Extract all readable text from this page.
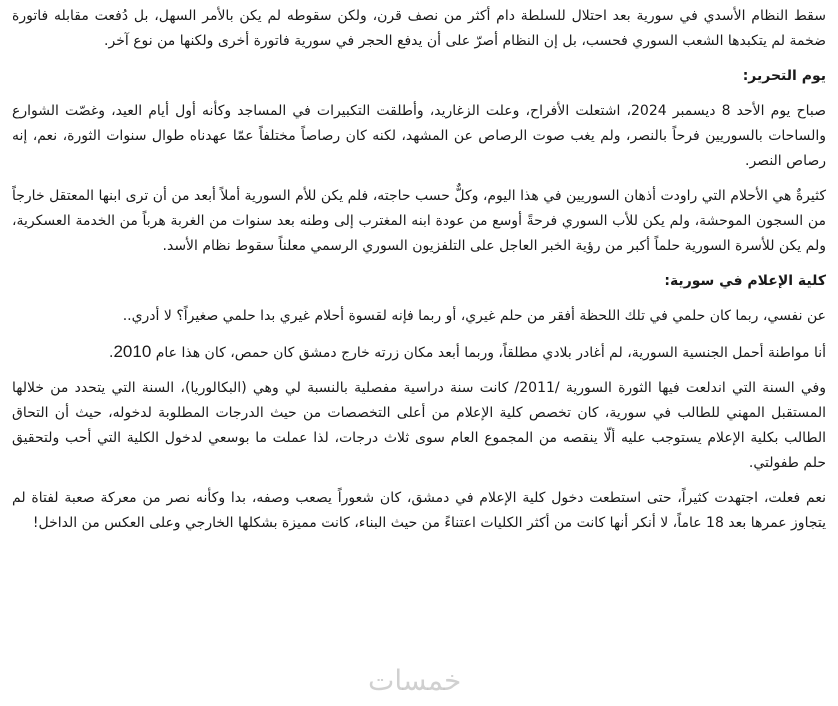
سقط النظام الأسدي في سورية بعد احتلال للسلطة دام أكثر من نصف قرن، ولكن سقوطه لم يكن بالأمر السهل، بل دُفعت مقابله فاتورة ضخمة لم يتكبدها الشعب السوري فحسب، بل إن النظام أصرّ على أن يدفع الحجر في سورية فاتورة أخرى ولكنها من نوع آخر.

يوم التحرير:

صباح يوم الأحد 8 ديسمبر 2024، اشتعلت الأفراح، وعلت الزغاريد، وأطلقت التكبيرات في المساجد وكأنه أول أيام العيد، وغصّت الشوارع والساحات بالسوريين فرحاً بالنصر، ولم يغب صوت الرصاص عن المشهد، لكنه كان رصاصاً مختلفاً عمّا عهدناه طوال سنوات الثورة، نعم، إنه رصاص النصر.

كثيرةٌ هي الأحلام التي راودت أذهان السوريين في هذا اليوم، وكلٌّ حسب حاجته، فلم يكن للأم السورية أملاً أبعد من أن ترى ابنها المعتقل خارجاً من السجون الموحشة، ولم يكن للأب السوري فرحةً أوسع من عودة ابنه المغترب إلى وطنه بعد سنوات من الغربة هرباً من الخدمة العسكرية، ولم يكن للأسرة السورية حلماً أكبر من رؤية الخبر العاجل على التلفزيون السوري الرسمي معلناً سقوط نظام الأسد.

كلية الإعلام في سورية:

عن نفسي، ربما كان حلمي في تلك اللحظة أفقر من حلم غيري، أو ربما فإنه لقسوة أحلام غيري بدا حلمي صغيراً؟ لا أدري..

أنا مواطنة أحمل الجنسية السورية، لم أغادر بلادي مطلقاً، وربما أبعد مكان زرته خارج دمشق كان حمص، كان هذا عام 2010.

وفي السنة التي اندلعت فيها الثورة السورية /2011/ كانت سنة دراسية مفصلية بالنسبة لي وهي (البكالوريا)، السنة التي يتحدد من خلالها المستقبل المهني للطالب في سورية، كان تخصص كلية الإعلام من أعلى التخصصات من حيث الدرجات المطلوبة لدخوله، حيث أن التحاق الطالب بكلية الإعلام يستوجب عليه ألّا ينقصه من المجموع العام سوى ثلاث درجات، لذا عملت ما بوسعي لدخول الكلية التي أحب ولتحقيق حلم طفولتي.

نعم فعلت، اجتهدت كثيراً، حتى استطعت دخول كلية الإعلام في دمشق، كان شعوراً يصعب وصفه، بدا وكأنه نصر من معركة صعبة لفتاة لم يتجاوز عمرها بعد 18 عاماً، لا أنكر أنها كانت من أكثر الكليات اعتناءً من حيث البناء، كانت مميزة بشكلها الخارجي وعلى العكس من الداخل!

خمسات
